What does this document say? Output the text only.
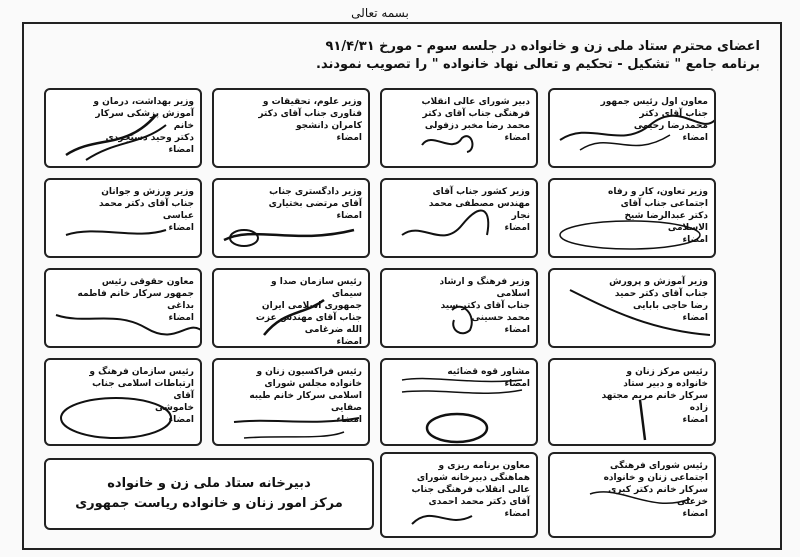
بسمه تعالی
اعضای محترم ستاد ملی زن و خانواده در جلسه سوم - مورخ ۹۱/۴/۳۱
برنامه جامع " تشکیل - تحکیم و تعالی نهاد خانواده " را تصویب نمودند.
معاون اول رئیس جمهور
جناب آقای دکتر
محمدرضا رحیمی
امضاء
دبیر شورای عالی انقلاب
فرهنگی جناب آقای دکتر
محمد رضا مخبر دزفولی
امضاء
وزیر علوم، تحقیقات و
فناوری جناب آقای دکتر
کامران دانشجو
امضاء
وزیر بهداشت، درمان و
آموزش پزشکی سرکار خانم
دکتر وحید دستجردی
امضاء
وزیر تعاون، کار و رفاه
اجتماعی جناب آقای
دکتر عبدالرضا شیخ
الاسلامی
امضاء
وزیر کشور جناب آقای
مهندس مصطفی محمد
نجار
امضاء
وزیر دادگستری جناب
آقای مرتضی بختیاری
امضاء
وزیر ورزش و جوانان
جناب آقای دکتر محمد
عباسی
امضاء
وزیر آموزش و پرورش
جناب آقای دکتر حمید
رضا حاجی بابایی
امضاء
وزیر فرهنگ و ارشاد اسلامی
جناب آقای دکتر سید
محمد حسینی
امضاء
رئیس سازمان صدا و سیمای
جمهوری اسلامی ایران
جناب آقای مهندس عزت
الله ضرغامی
امضاء
معاون حقوقی رئیس
جمهور سرکار خانم فاطمه
بداغی
امضاء
رئیس مرکز زنان و
خانواده و دبیر ستاد
سرکار خانم مریم مجتهد
زاده
امضاء
مشاور قوه قضائیه
امضاء
رئیس فراکسیون زنان و
خانواده مجلس شورای
اسلامی سرکار خانم طیبه
صفایی
امضاء
رئیس سازمان فرهنگ و
ارتباطات اسلامی جناب آقای
خاموشی
امضاء
رئیس شورای فرهنگی
اجتماعی زنان و خانواده
سرکار خانم دکتر کبری
خزعلی
امضاء
معاون برنامه ریزی و
هماهنگی دبیرخانه شورای
عالی انقلاب فرهنگی جناب
آقای دکتر محمد احمدی
امضاء
دبیرخانه ستاد ملی زن و خانواده
مرکز امور زنان و خانواده ریاست جمهوری
